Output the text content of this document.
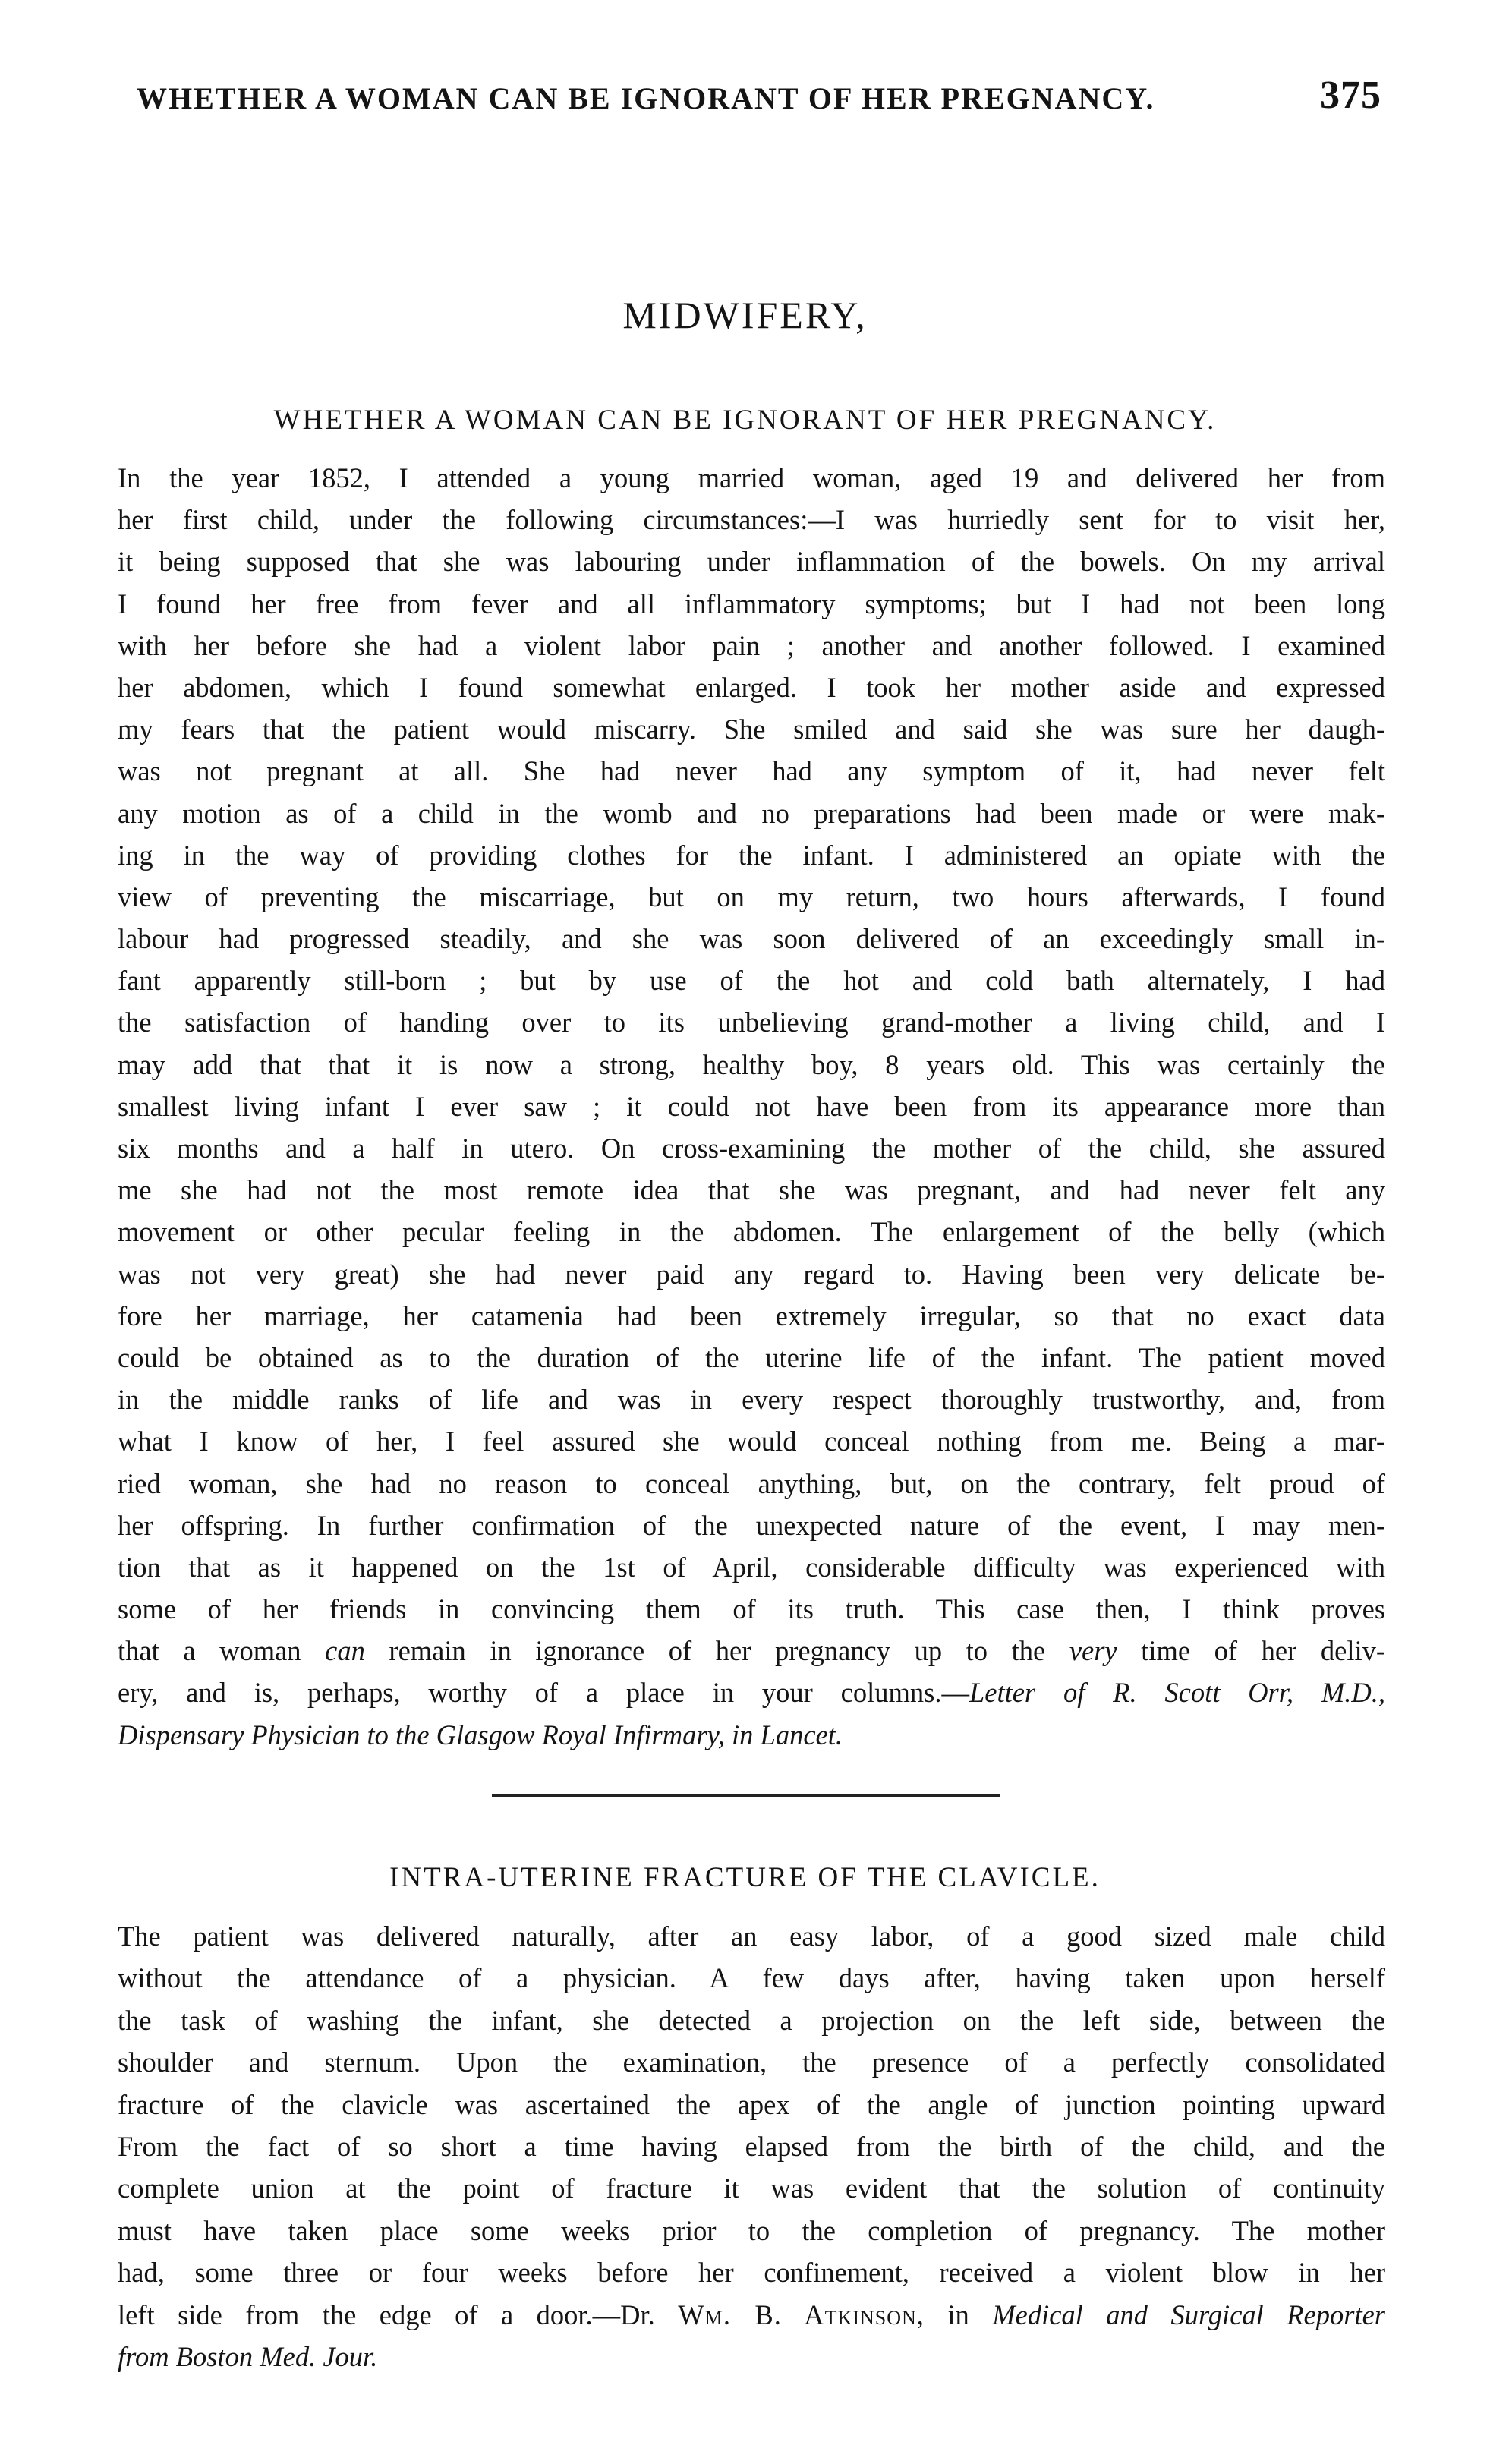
WHETHER A WOMAN CAN BE IGNORANT OF HER PREGNANCY.	375
MIDWIFERY,
WHETHER A WOMAN CAN BE IGNORANT OF HER PREGNANCY.
In the year 1852, I attended a young married woman, aged 19 and delivered her from
her first child, under the following circumstances:—I was hurriedly sent for to visit her,
it being supposed that she was labouring under inflammation of the bowels. On my arrival
I found her free from fever and all inflammatory symptoms; but I had not been long
with her before she had a violent labor pain ; another and another followed. I examined
her abdomen, which I found somewhat enlarged. I took her mother aside and expressed
my fears that the patient would miscarry. She smiled and said she was sure her daugh-
was not pregnant at all. She had never had any symptom of it, had never felt
any motion as of a child in the womb and no preparations had been made or were mak-
ing in the way of providing clothes for the infant. I administered an opiate with the
view of preventing the miscarriage, but on my return, two hours afterwards, I found
labour had progressed steadily, and she was soon delivered of an exceedingly small in-
fant apparently still-born ; but by use of the hot and cold bath alternately, I had
the satisfaction of handing over to its unbelieving grand-mother a living child, and I
may add that that it is now a strong, healthy boy, 8 years old. This was certainly the
smallest living infant I ever saw ; it could not have been from its appearance more than
six months and a half in utero. On cross-examining the mother of the child, she assured
me she had not the most remote idea that she was pregnant, and had never felt any
movement or other pecular feeling in the abdomen. The enlargement of the belly (which
was not very great) she had never paid any regard to. Having been very delicate be-
fore her marriage, her catamenia had been extremely irregular, so that no exact data
could be obtained as to the duration of the uterine life of the infant. The patient moved
in the middle ranks of life and was in every respect thoroughly trustworthy, and, from
what I know of her, I feel assured she would conceal nothing from me. Being a mar-
ried woman, she had no reason to conceal anything, but, on the contrary, felt proud of
her offspring. In further confirmation of the unexpected nature of the event, I may men-
tion that as it happened on the 1st of April, considerable difficulty was experienced with
some of her friends in convincing them of its truth. This case then, I think proves
that a woman can remain in ignorance of her pregnancy up to the very time of her deliv-
ery, and is, perhaps, worthy of a place in your columns.—Letter of R. Scott Orr, M.D.,
Dispensary Physician to the Glasgow Royal Infirmary, in Lancet.
INTRA-UTERINE FRACTURE OF THE CLAVICLE.
The patient was delivered naturally, after an easy labor, of a good sized male child
without the attendance of a physician. A few days after, having taken upon herself
the task of washing the infant, she detected a projection on the left side, between the
shoulder and sternum. Upon the examination, the presence of a perfectly consolidated
fracture of the clavicle was ascertained the apex of the angle of junction pointing upward
From the fact of so short a time having elapsed from the birth of the child, and the
complete union at the point of fracture it was evident that the solution of continuity
must have taken place some weeks prior to the completion of pregnancy. The mother
had, some three or four weeks before her confinement, received a violent blow in her
left side from the edge of a door.—Dr. Wm. B. Atkinson, in Medical and Surgical Reporter
from Boston Med. Jour.
